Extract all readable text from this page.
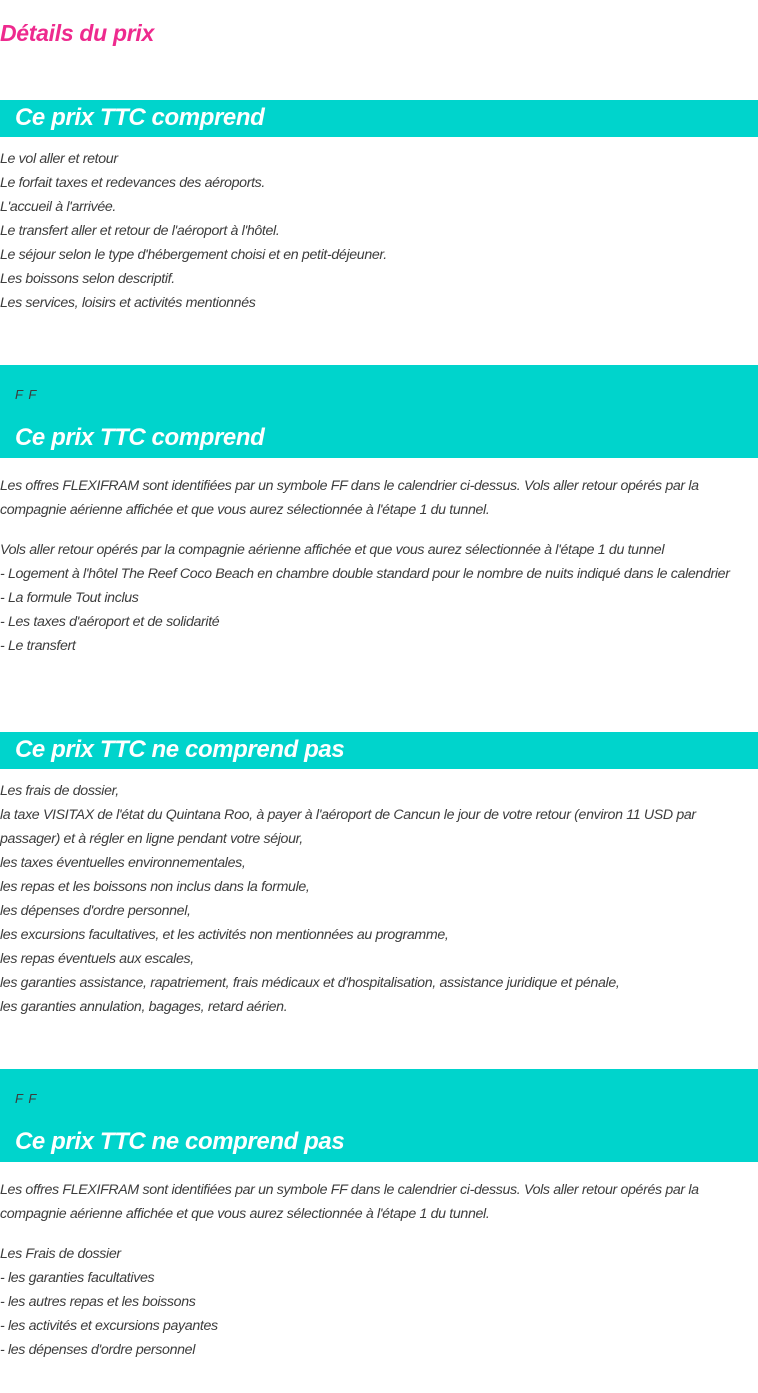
Détails du prix
Ce prix TTC comprend
Le vol aller et retour
Le forfait taxes et redevances des aéroports.
L'accueil à l'arrivée.
Le transfert aller et retour de l'aéroport à l'hôtel.
Le séjour selon le type d'hébergement choisi et en petit-déjeuner.
Les boissons selon descriptif.
Les services, loisirs et activités mentionnés
F F
Ce prix TTC comprend

Les offres FLEXIFRAM sont identifiées par un symbole FF dans le calendrier ci-dessus. Vols aller retour opérés par la compagnie aérienne affichée et que vous aurez sélectionnée à l'étape 1 du tunnel.

Vols aller retour opérés par la compagnie aérienne affichée et que vous aurez sélectionnée à l'étape 1 du tunnel
- Logement à l'hôtel The Reef Coco Beach en chambre double standard pour le nombre de nuits indiqué dans le calendrier
- La formule Tout inclus
- Les taxes d'aéroport et de solidarité
- Le transfert
Ce prix TTC ne comprend pas
Les frais de dossier,
la taxe VISITAX de l'état du Quintana Roo, à payer à l'aéroport de Cancun le jour de votre retour (environ 11 USD par passager) et à régler en ligne pendant votre séjour,
les taxes éventuelles environnementales,
les repas et les boissons non inclus dans la formule,
les dépenses d'ordre personnel,
les excursions facultatives, et les activités non mentionnées au programme,
les repas éventuels aux escales,
les garanties assistance, rapatriement, frais médicaux et d'hospitalisation, assistance juridique et pénale,
les garanties annulation, bagages, retard aérien.
F F
Ce prix TTC ne comprend pas

Les offres FLEXIFRAM sont identifiées par un symbole FF dans le calendrier ci-dessus. Vols aller retour opérés par la compagnie aérienne affichée et que vous aurez sélectionnée à l'étape 1 du tunnel.

Les Frais de dossier
- les garanties facultatives
- les autres repas et les boissons
- les activités et excursions payantes
- les dépenses d'ordre personnel
